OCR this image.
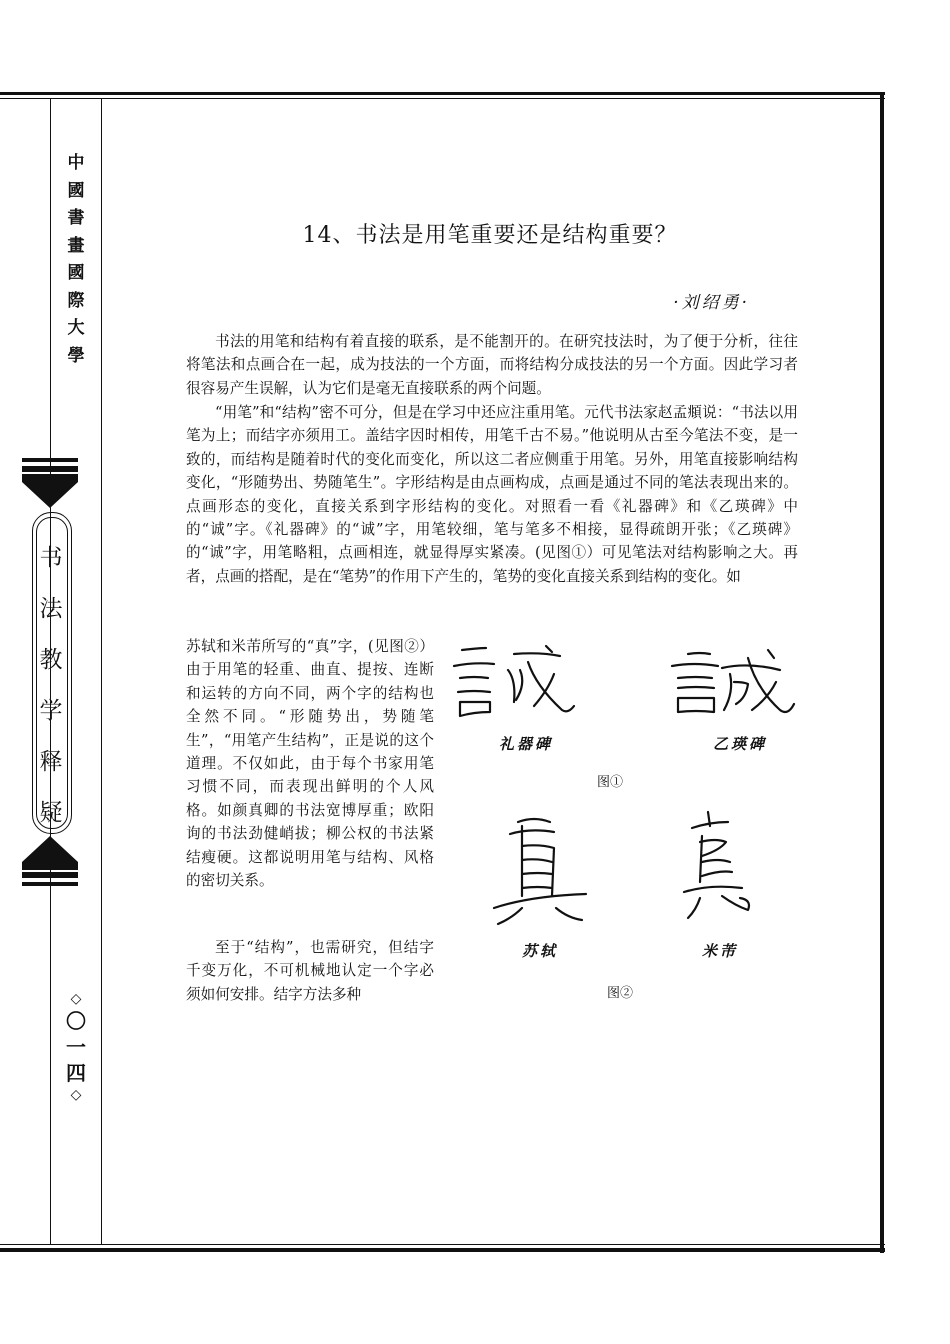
中國書畫國際大學
书法教学释疑
◇
〇
一
四
◇
14、书法是用笔重要还是结构重要？
·刘绍勇·

书法的用笔和结构有着直接的联系，是不能割开的。在研究技法时，为了便于分析，往往将笔法和点画合在一起，成为技法的一个方面，而将结构分成技法的另一个方面。因此学习者很容易产生误解，认为它们是毫无直接联系的两个问题。

“用笔”和“结构”密不可分，但是在学习中还应注重用笔。元代书法家赵孟頫说：“书法以用笔为上；而结字亦须用工。盖结字因时相传，用笔千古不易。”他说明从古至今笔法不变，是一致的，而结构是随着时代的变化而变化，所以这二者应侧重于用笔。另外，用笔直接影响结构变化，“形随势出、势随笔生”。字形结构是由点画构成，点画是通过不同的笔法表现出来的。点画形态的变化，直接关系到字形结构的变化。对照看一看《礼器碑》和《乙瑛碑》中的“诚”字。《礼器碑》的“诚”字，用笔较细，笔与笔多不相接，显得疏朗开张；《乙瑛碑》的“诚”字，用笔略粗，点画相连，就显得厚实紧凑。(见图①）可见笔法对结构影响之大。再者，点画的搭配，是在“笔势”的作用下产生的，笔势的变化直接关系到结构的变化。如

苏轼和米芾所写的“真”字，(见图②）由于用笔的轻重、曲直、提按、连断和运转的方向不同，两个字的结构也全然不同。“形随势出，势随笔生”，“用笔产生结构”，正是说的这个道理。不仅如此，由于每个书家用笔习惯不同，而表现出鲜明的个人风格。如颜真卿的书法宽博厚重；欧阳询的书法劲健峭拔；柳公权的书法紧结瘦硬。这都说明用笔与结构、风格的密切关系。

至于“结构”，也需研究，但结字千变万化，不可机械地认定一个字必须如何安排。结字方法多种

礼器碑	乙瑛碑
图①
苏轼	米芾
图②
